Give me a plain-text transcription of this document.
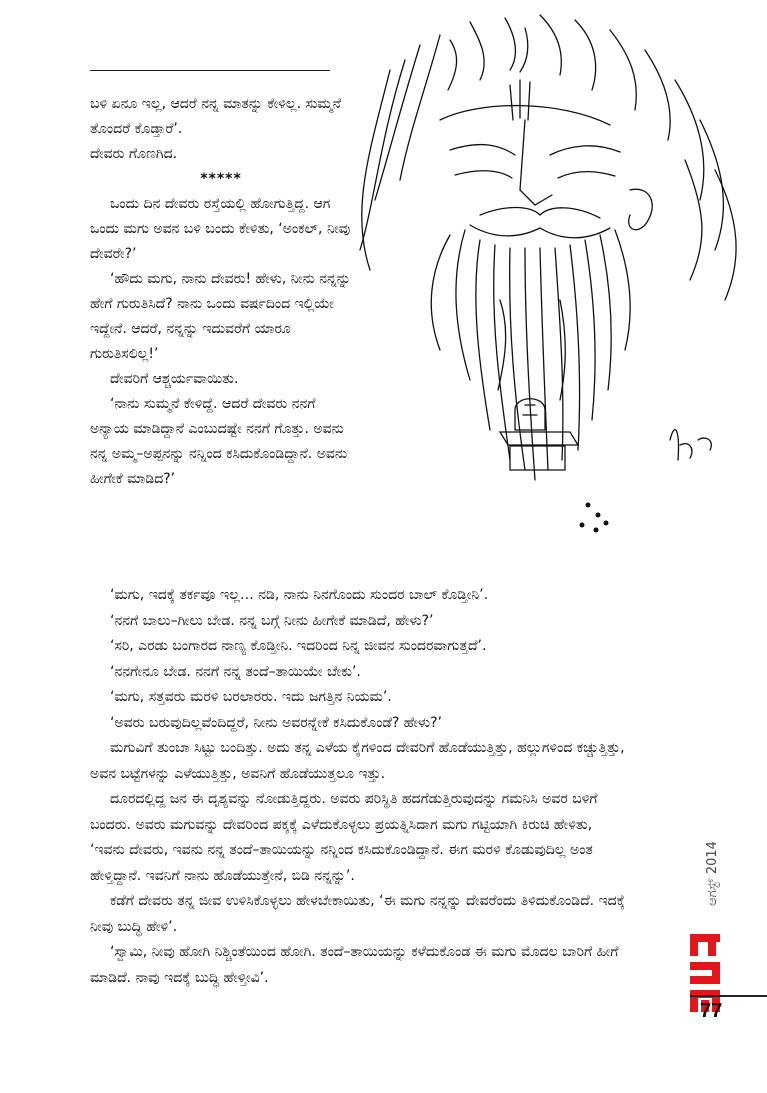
ಬಳಿ ಏನೂ ಇಲ್ಲ, ಆದರೆ ನನ್ನ ಮಾತನ್ನು ಕೇಳಿಲ್ಲ. ಸುಮ್ಮನೆ ತೊಂದರೆ ಕೊಡ್ತಾರೆ’.

ದೇವರು ಗೊಣಗಿದ.

*****

ಒಂದು ದಿನ ದೇವರು ರಸ್ತೆಯಲ್ಲಿ ಹೋಗುತ್ತಿದ್ದ. ಆಗ ಒಂದು ಮಗು ಅವನ ಬಳಿ ಬಂದು ಕೇಳಿತು, ‘ಅಂಕಲ್, ನೀವು ದೇವರೇ?’

‘ಹೌದು ಮಗು, ನಾನು ದೇವರು! ಹೇಳು, ನೀನು ನನ್ನನ್ನು ಹೇಗೆ ಗುರುತಿಸಿದೆ? ನಾನು ಒಂದು ವರ್ಷದಿಂದ ಇಲ್ಲಿಯೇ ಇದ್ದೇನೆ. ಆದರೆ, ನನ್ನನ್ನು ಇದುವರೆಗೆ ಯಾರೂ ಗುರುತಿಸಲಿಲ್ಲ!’

ದೇವರಿಗೆ ಆಶ್ಚರ್ಯವಾಯಿತು.

‘ನಾನು ಸುಮ್ಮನೆ ಕೇಳಿದ್ದೆ. ಆದರೆ ದೇವರು ನನಗೆ ಅನ್ಯಾಯ ಮಾಡಿದ್ದಾನೆ ಎಂಬುದಷ್ಟೇ ನನಗೆ ಗೊತ್ತು. ಅವನು ನನ್ನ ಅಮ್ಮ–ಅಪ್ಪನನ್ನು ನನ್ನಿಂದ ಕಸಿದುಕೊಂಡಿದ್ದಾನೆ. ಅವನು ಹೀಗೇಕೆ ಮಾಡಿದ?’

‘ಮಗು, ಇದಕ್ಕೆ ತರ್ಕವೂ ಇಲ್ಲ… ನಡಿ, ನಾನು ನಿನಗೊಂದು ಸುಂದರ ಬಾಲ್ ಕೊಡ್ತೀನಿ’.

‘ನನಗೆ ಬಾಲು–ಗೀಲು ಬೇಡ. ನನ್ನ ಬಗ್ಗೆ ನೀನು ಹೀಗೇಕೆ ಮಾಡಿದೆ, ಹೇಳು?’

‘ಸರಿ, ಎರಡು ಬಂಗಾರದ ನಾಣ್ಯ ಕೊಡ್ತೀನಿ. ಇದರಿಂದ ನಿನ್ನ ಜೀವನ ಸುಂದರವಾಗುತ್ತದೆ’.

‘ನನಗೇನೂ ಬೇಡ. ನನಗೆ ನನ್ನ ತಂದೆ–ತಾಯಿಯೇ ಬೇಕು’.

‘ಮಗು, ಸತ್ತವರು ಮರಳಿ ಬರಲಾರರು. ಇದು ಜಗತ್ತಿನ ನಿಯಮ’.

‘ಅವರು ಬರುವುದಿಲ್ಲವೆಂದಿದ್ದರೆ, ನೀನು ಅವರನ್ನೇಕೆ ಕಸಿದುಕೊಂಡೆ? ಹೇಳು?’

ಮಗುವಿಗೆ ತುಂಬಾ ಸಿಟ್ಟು ಬಂದಿತ್ತು. ಅದು ತನ್ನ ಎಳೆಯ ಕೈಗಳಿಂದ ದೇವರಿಗೆ ಹೊಡೆಯುತ್ತಿತ್ತು, ಹಲ್ಲುಗಳಿಂದ ಕಚ್ಚುತ್ತಿತ್ತು, ಅವನ ಬಟ್ಟೆಗಳನ್ನು ಎಳೆಯುತ್ತಿತ್ತು, ಅವನಿಗೆ ಹೊಡೆಯುತ್ತಲೂ ಇತ್ತು.

ದೂರದಲ್ಲಿದ್ದ ಜನ ಈ ದೃಶ್ಯವನ್ನು ನೋಡುತ್ತಿದ್ದರು. ಅವರು ಪರಿಸ್ಥಿತಿ ಹದಗೆಡುತ್ತಿರುವುದನ್ನು ಗಮನಿಸಿ ಅವರ ಬಳಿಗೆ ಬಂದರು. ಅವರು ಮಗುವನ್ನು ದೇವರಿಂದ ಪಕ್ಕಕ್ಕೆ ಎಳೆದುಕೊಳ್ಳಲು ಪ್ರಯತ್ನಿಸಿದಾಗ ಮಗು ಗಟ್ಟಿಯಾಗಿ ಕಿರುಚಿ ಹೇಳಿತು, ‘ಇವನು ದೇವರು, ಇವನು ನನ್ನ ತಂದೆ–ತಾಯಿಯನ್ನು ನನ್ನಿಂದ ಕಸಿದುಕೊಂಡಿದ್ದಾನೆ. ಈಗ ಮರಳಿ ಕೊಡುವುದಿಲ್ಲ ಅಂತ ಹೇಳ್ತಿದ್ದಾನೆ. ಇವನಿಗೆ ನಾನು ಹೊಡೆಯುತ್ತೇನೆ, ಬಿಡಿ ನನ್ನನ್ನು’.

ಕಡೆಗೆ ದೇವರು ತನ್ನ ಜೀವ ಉಳಿಸಿಕೊಳ್ಳಲು ಹೇಳಬೇಕಾಯಿತು, ‘ಈ ಮಗು ನನ್ನನ್ನು ದೇವರೆಂದು ತಿಳಿದುಕೊಂಡಿದೆ. ಇದಕ್ಕೆ ನೀವು ಬುದ್ಧಿ ಹೇಳಿ’.

‘ಸ್ವಾಮಿ, ನೀವು ಹೋಗಿ ನಿಶ್ಚಿಂತೆಯಿಂದ ಹೋಗಿ. ತಂದೆ–ತಾಯಿಯನ್ನು ಕಳೆದುಕೊಂಡ ಈ ಮಗು ಮೊದಲ ಬಾರಿಗೆ ಹೀಗೆ ಮಾಡಿದೆ. ನಾವು ಇದಕ್ಕೆ ಬುದ್ಧಿ ಹೇಳ್ತೀವಿ’.

ಆಗಸ್ಟ್ 2014
77
